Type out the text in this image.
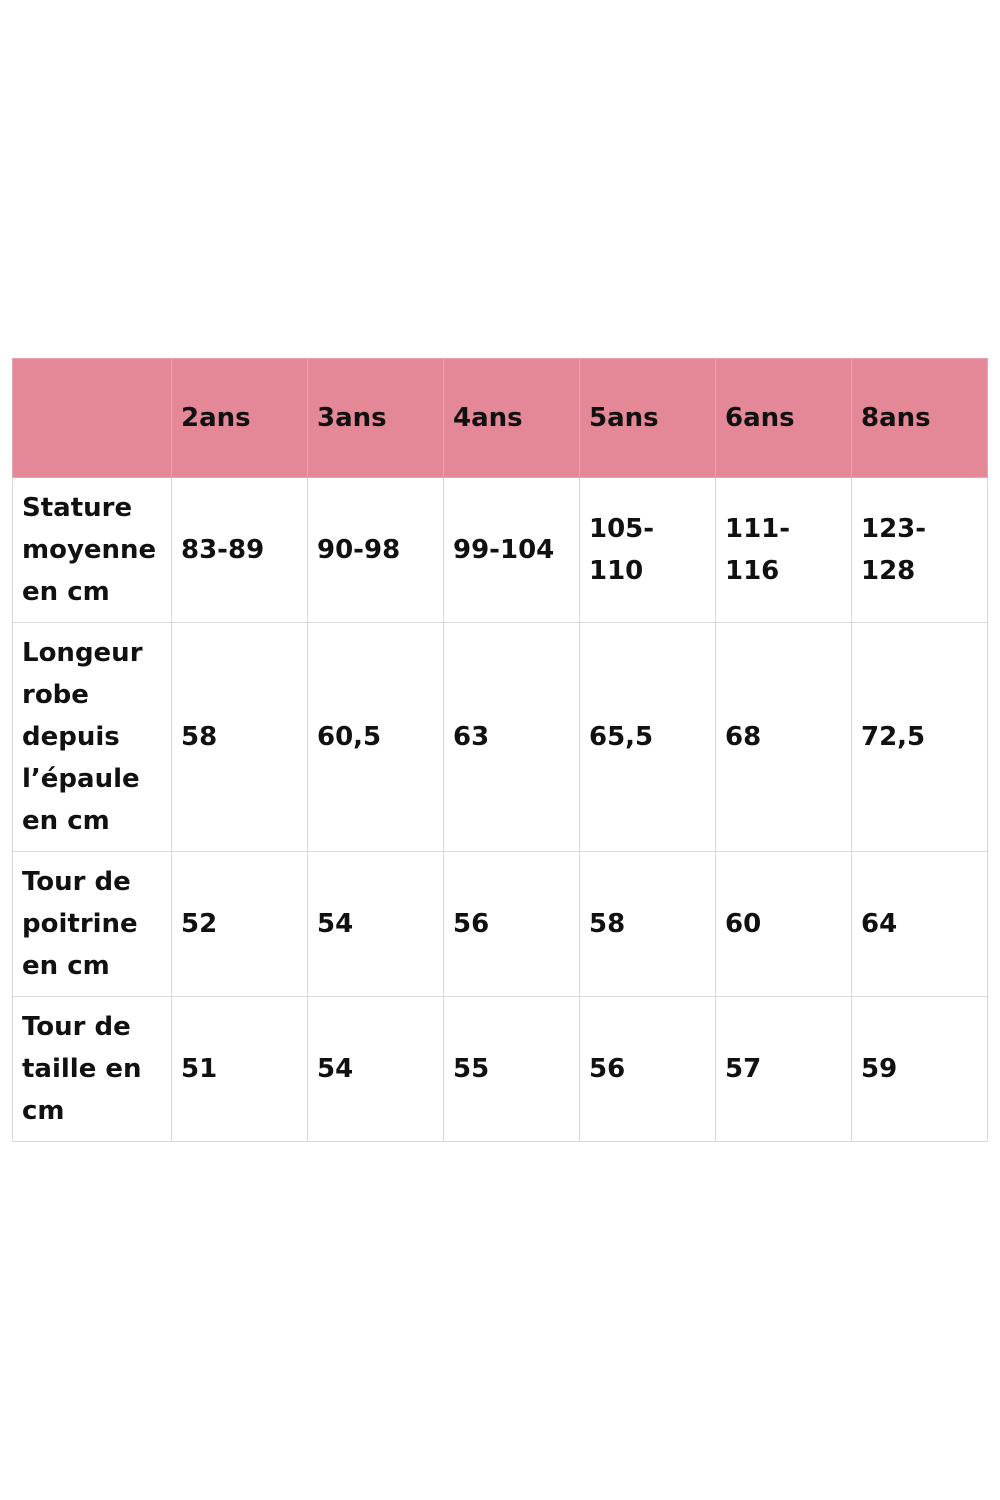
	2ans	3ans	4ans	5ans	6ans	8ans
Stature moyenne en cm	83-89	90-98	99-104	105-110	111-116	123-128
Longeur robe depuis l’épaule en cm	58	60,5	63	65,5	68	72,5
Tour de poitrine en cm	52	54	56	58	60	64
Tour de taille en cm	51	54	55	56	57	59
